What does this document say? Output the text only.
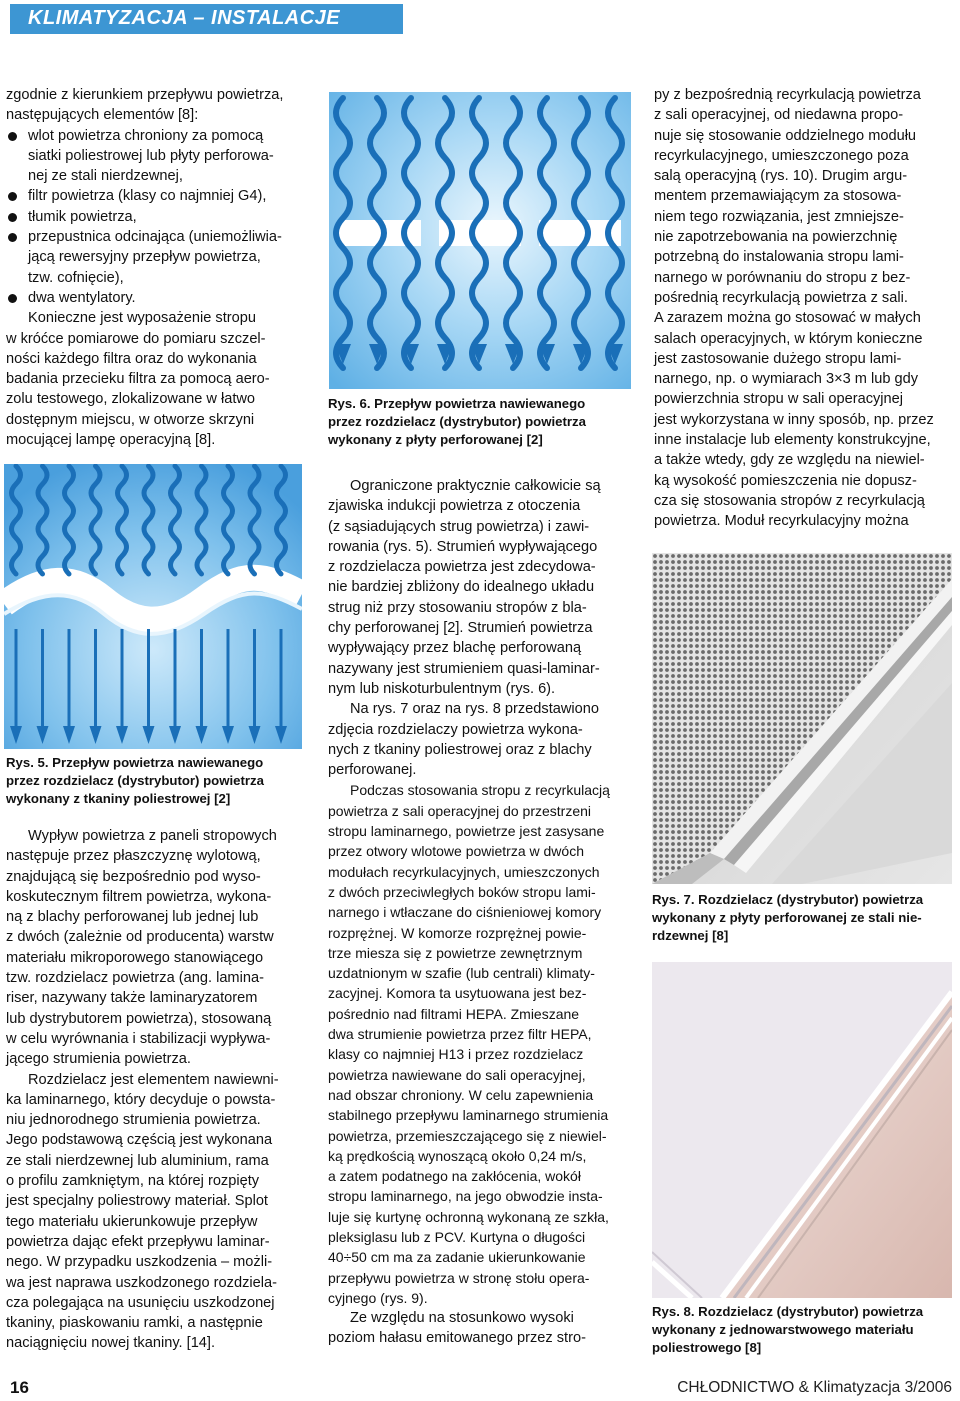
KLIMATYZACJA – INSTALACJE

zgodnie z kierunkiem przepływu powietrza,
następujących elementów [8]:

wlot powietrza chroniony za pomocą
siatki poliestrowej lub płyty perforowa-
nej ze stali nierdzewnej,
filtr powietrza (klasy co najmniej G4),
tłumik powietrza,
przepustnica odcinająca (uniemożliwia-
jącą rewersyjny przepływ powietrza,
tzw. cofnięcie),
dwa wentylatory.

Konieczne jest wyposażenie stropu
w króćce pomiarowe do pomiaru szczel-
ności każdego filtra oraz do wykonania
badania przecieku filtra za pomocą aero-
zolu testowego, zlokalizowane w łatwo
dostępnym miejscu, w otworze skrzyni
mocującej lampę operacyjną [8].

Rys. 5. Przepływ powietrza nawiewanego
przez rozdzielacz (dystrybutor) powietrza
wykonany z tkaniny poliestrowej [2]

Wypływ powietrza z paneli stropowych
następuje przez płaszczyznę wylotową,
znajdującą się bezpośrednio pod wyso-
koskutecznym filtrem powietrza, wykona-
ną z blachy perforowanej lub jednej lub
z dwóch (zależnie od producenta) warstw
materiału mikroporowego stanowiącego
tzw. rozdzielacz powietrza (ang. lamina-
riser, nazywany także laminaryzatorem
lub dystrybutorem powietrza), stosowaną
w celu wyrównania i stabilizacji wypływa-
jącego strumienia powietrza.

Rozdzielacz jest elementem nawiewni-
ka laminarnego, który decyduje o powsta-
niu jednorodnego strumienia powietrza.
Jego podstawową częścią jest wykonana
ze stali nierdzewnej lub aluminium, rama
o profilu zamkniętym, na której rozpięty
jest specjalny poliestrowy materiał. Splot
tego materiału ukierunkowuje przepływ
powietrza dając efekt przepływu laminar-
nego. W przypadku uszkodzenia – możli-
wa jest naprawa uszkodzonego rozdziela-
cza polegająca na usunięciu uszkodzonej
tkaniny, piaskowaniu ramki, a następnie
naciągnięciu nowej tkaniny. [14].

Rys. 6. Przepływ powietrza nawiewanego
przez rozdzielacz (dystrybutor) powietrza
wykonany z płyty perforowanej [2]

Ograniczone praktycznie całkowicie są
zjawiska indukcji powietrza z otoczenia
(z sąsiadujących strug powietrza) i zawi-
rowania (rys. 5). Strumień wypływającego
z rozdzielacza powietrza jest zdecydowa-
nie bardziej zbliżony do idealnego układu
strug niż przy stosowaniu stropów z bla-
chy perforowanej [2]. Strumień powietrza
wypływający przez blachę perforowaną
nazywany jest strumieniem quasi-laminar-
nym lub niskoturbulentnym (rys. 6).

Na rys. 7 oraz na rys. 8 przedstawiono
zdjęcia rozdzielaczy powietrza wykona-
nych z tkaniny poliestrowej oraz z blachy
perforowanej.

Podczas stosowania stropu z recyrkulacją
powietrza z sali operacyjnej do przestrzeni
stropu laminarnego, powietrze jest zasysane
przez otwory wlotowe powietrza w dwóch
modułach recyrkulacyjnych, umieszczonych
z dwóch przeciwległych boków stropu lami-
narnego i wtłaczane do ciśnieniowej komory
rozprężnej. W komorze rozprężnej powie-
trze miesza się z powietrze zewnętrznym
uzdatnionym w szafie (lub centrali) klimaty-
zacyjnej. Komora ta usytuowana jest bez-
pośrednio nad filtrami HEPA. Zmieszane
dwa strumienie powietrza przez filtr HEPA,
klasy co najmniej H13 i przez rozdzielacz
powietrza nawiewane do sali operacyjnej,
nad obszar chroniony. W celu zapewnienia
stabilnego przepływu laminarnego strumienia
powietrza, przemieszczającego się z niewiel-
ką prędkością wynoszącą około 0,24 m/s,
a zatem podatnego na zakłócenia, wokół
stropu laminarnego, na jego obwodzie insta-
luje się kurtynę ochronną wykonaną ze szkła,
pleksiglasu lub z PCV. Kurtyna o długości
40÷50 cm ma za zadanie ukierunkowanie
przepływu powietrza w stronę stołu opera-
cyjnego (rys. 9).

Ze względu na stosunkowo wysoki
poziom hałasu emitowanego przez stro-

py z bezpośrednią recyrkulacją powietrza
z sali operacyjnej, od niedawna propo-
nuje się stosowanie oddzielnego modułu
recyrkulacyjnego, umieszczonego poza
salą operacyjną (rys. 10). Drugim argu-
mentem przemawiającym za stosowa-
niem tego rozwiązania, jest zmniejsze-
nie zapotrzebowania na powierzchnię
potrzebną do instalowania stropu lami-
narnego w porównaniu do stropu z bez-
pośrednią recyrkulacją powietrza z sali.
A zarazem można go stosować w małych
salach operacyjnych, w którym konieczne
jest zastosowanie dużego stropu lami-
narnego, np. o wymiarach 3×3 m lub gdy
powierzchnia stropu w sali operacyjnej
jest wykorzystana w inny sposób, np. przez
inne instalacje lub elementy konstrukcyjne,
a także wtedy, gdy ze względu na niewiel-
ką wysokość pomieszczenia nie dopusz-
cza się stosowania stropów z recyrkulacją
powietrza. Moduł recyrkulacyjny można

Rys. 7. Rozdzielacz (dystrybutor) powietrza
wykonany z płyty perforowanej ze stali nie-
rdzewnej [8]

Rys. 8. Rozdzielacz (dystrybutor) powietrza
wykonany z jednowarstwowego materiału
poliestrowego [8]

16	CHŁODNICTWO & Klimatyzacja 3/2006
